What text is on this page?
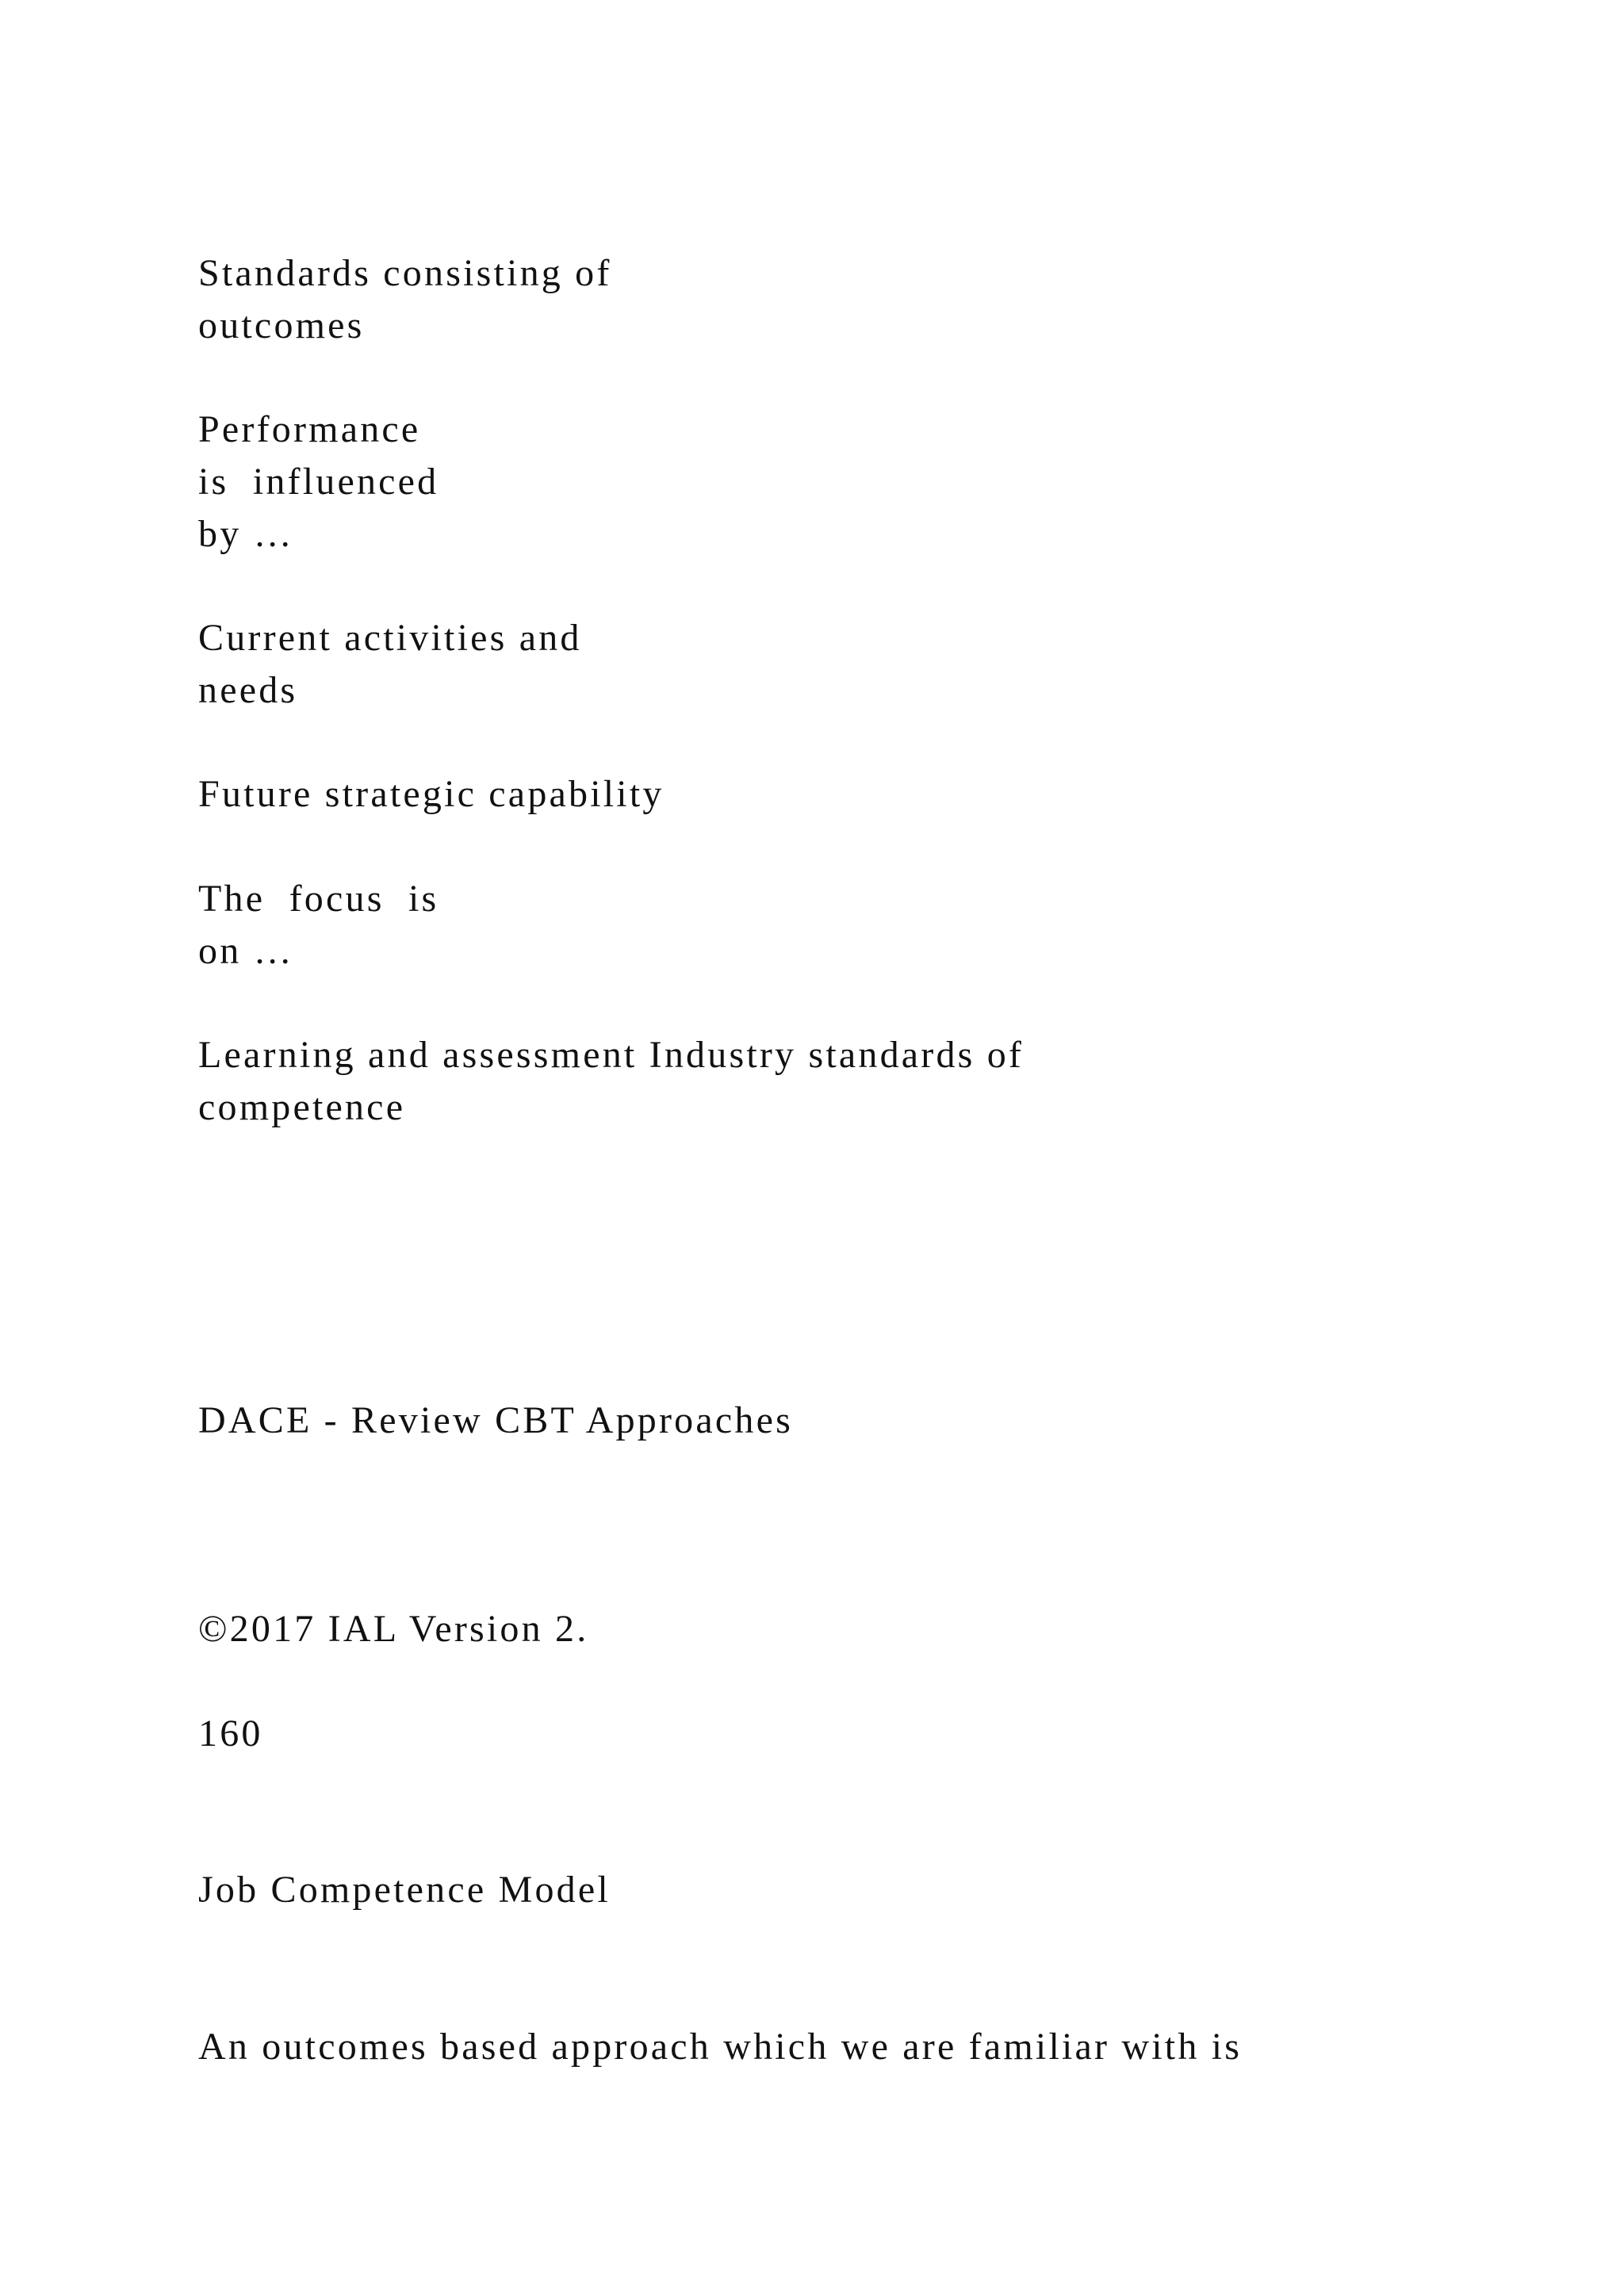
Standards consisting of
outcomes
Performance
is  influenced
by …
Current activities and
needs
Future strategic capability
The  focus  is
on …
Learning and assessment Industry standards of
competence
DACE - Review CBT Approaches
©2017 IAL Version 2.
160
Job Competence Model
An outcomes based approach which we are familiar with is
